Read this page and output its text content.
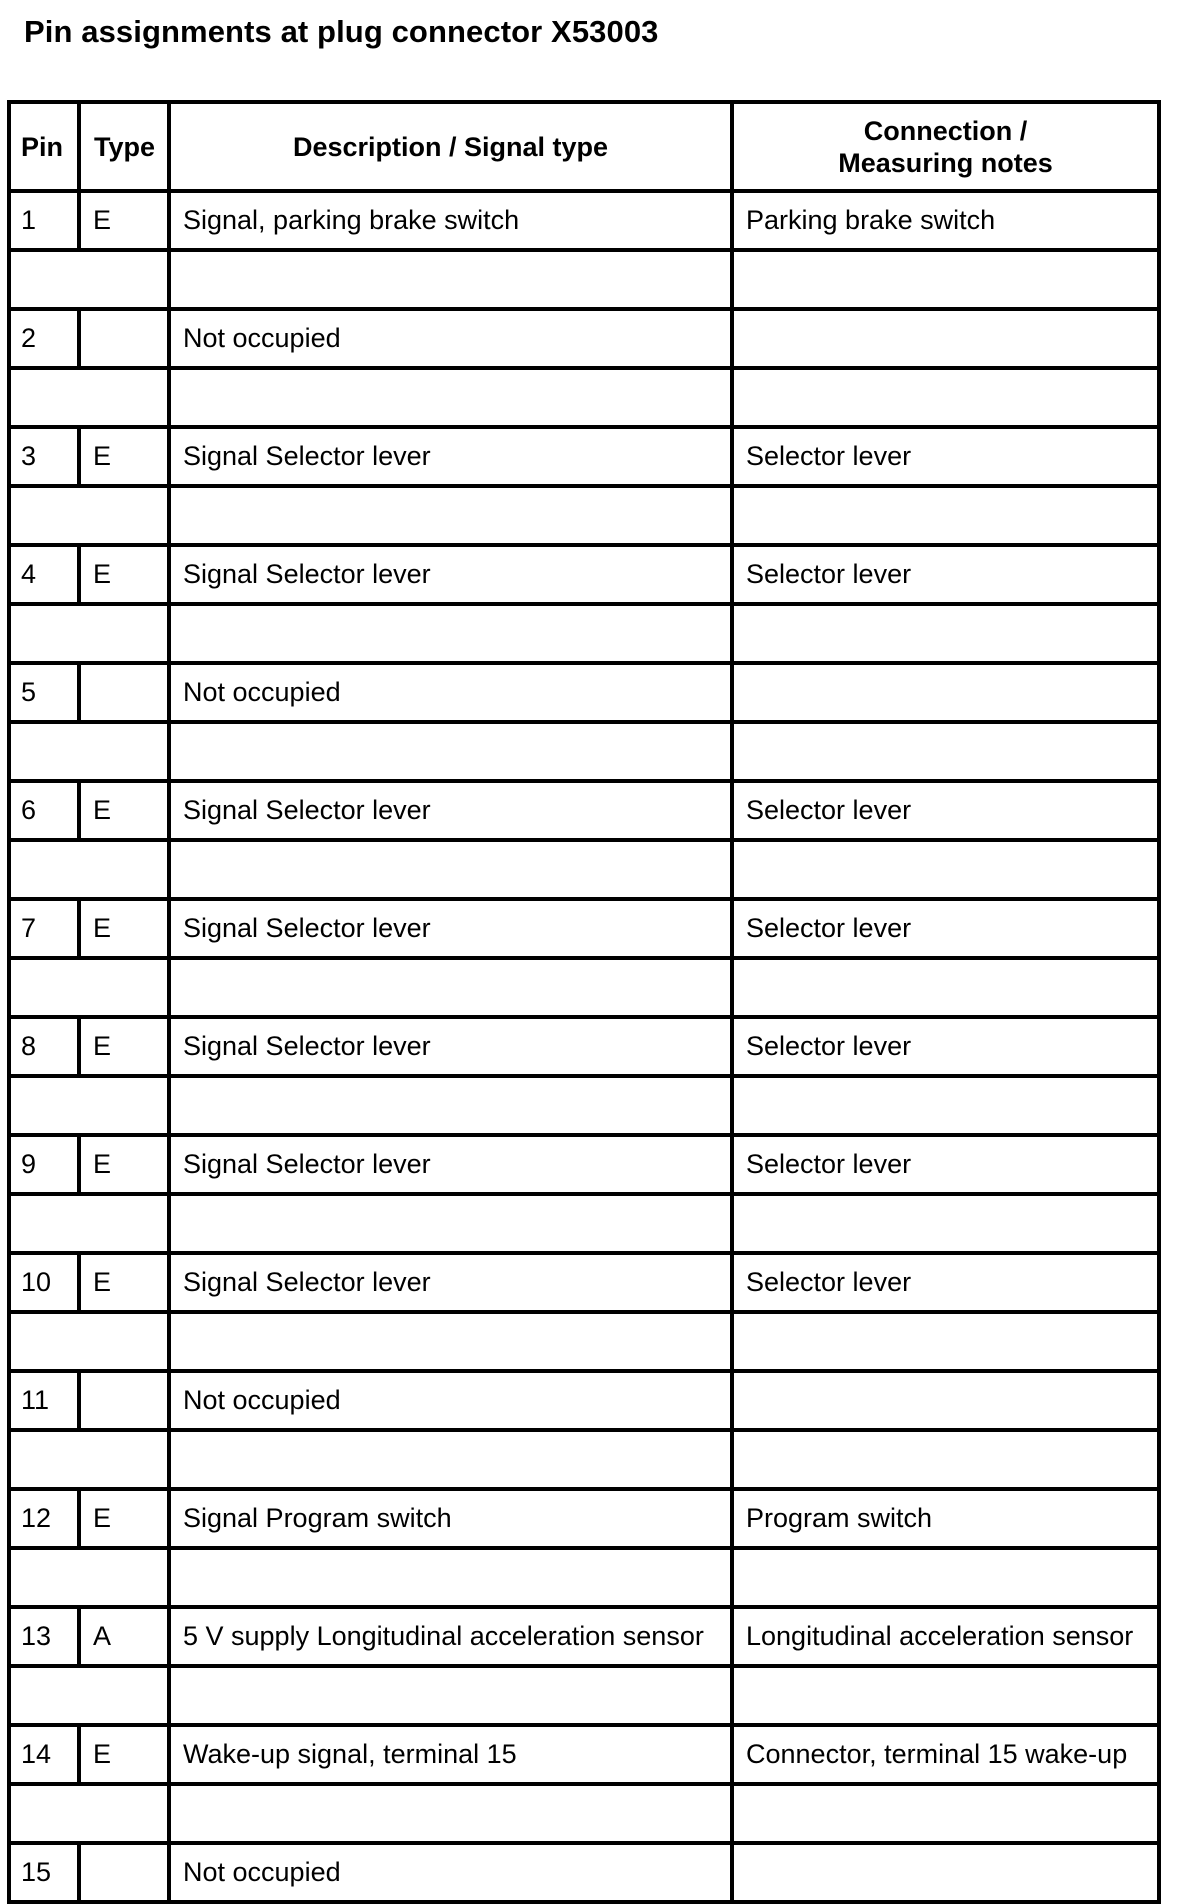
Pin assignments at plug connector X53003
Pin	Type	Description / Signal type	Connection / Measuring notes
1	E	Signal, parking brake switch	Parking brake switch

2		Not occupied	

3	E	Signal Selector lever	Selector lever

4	E	Signal Selector lever	Selector lever

5		Not occupied	

6	E	Signal Selector lever	Selector lever

7	E	Signal Selector lever	Selector lever

8	E	Signal Selector lever	Selector lever

9	E	Signal Selector lever	Selector lever

10	E	Signal Selector lever	Selector lever

11		Not occupied	

12	E	Signal Program switch	Program switch

13	A	5 V supply Longitudinal acceleration sensor	Longitudinal acceleration sensor

14	E	Wake-up signal, terminal 15	Connector, terminal 15 wake-up

15		Not occupied	
